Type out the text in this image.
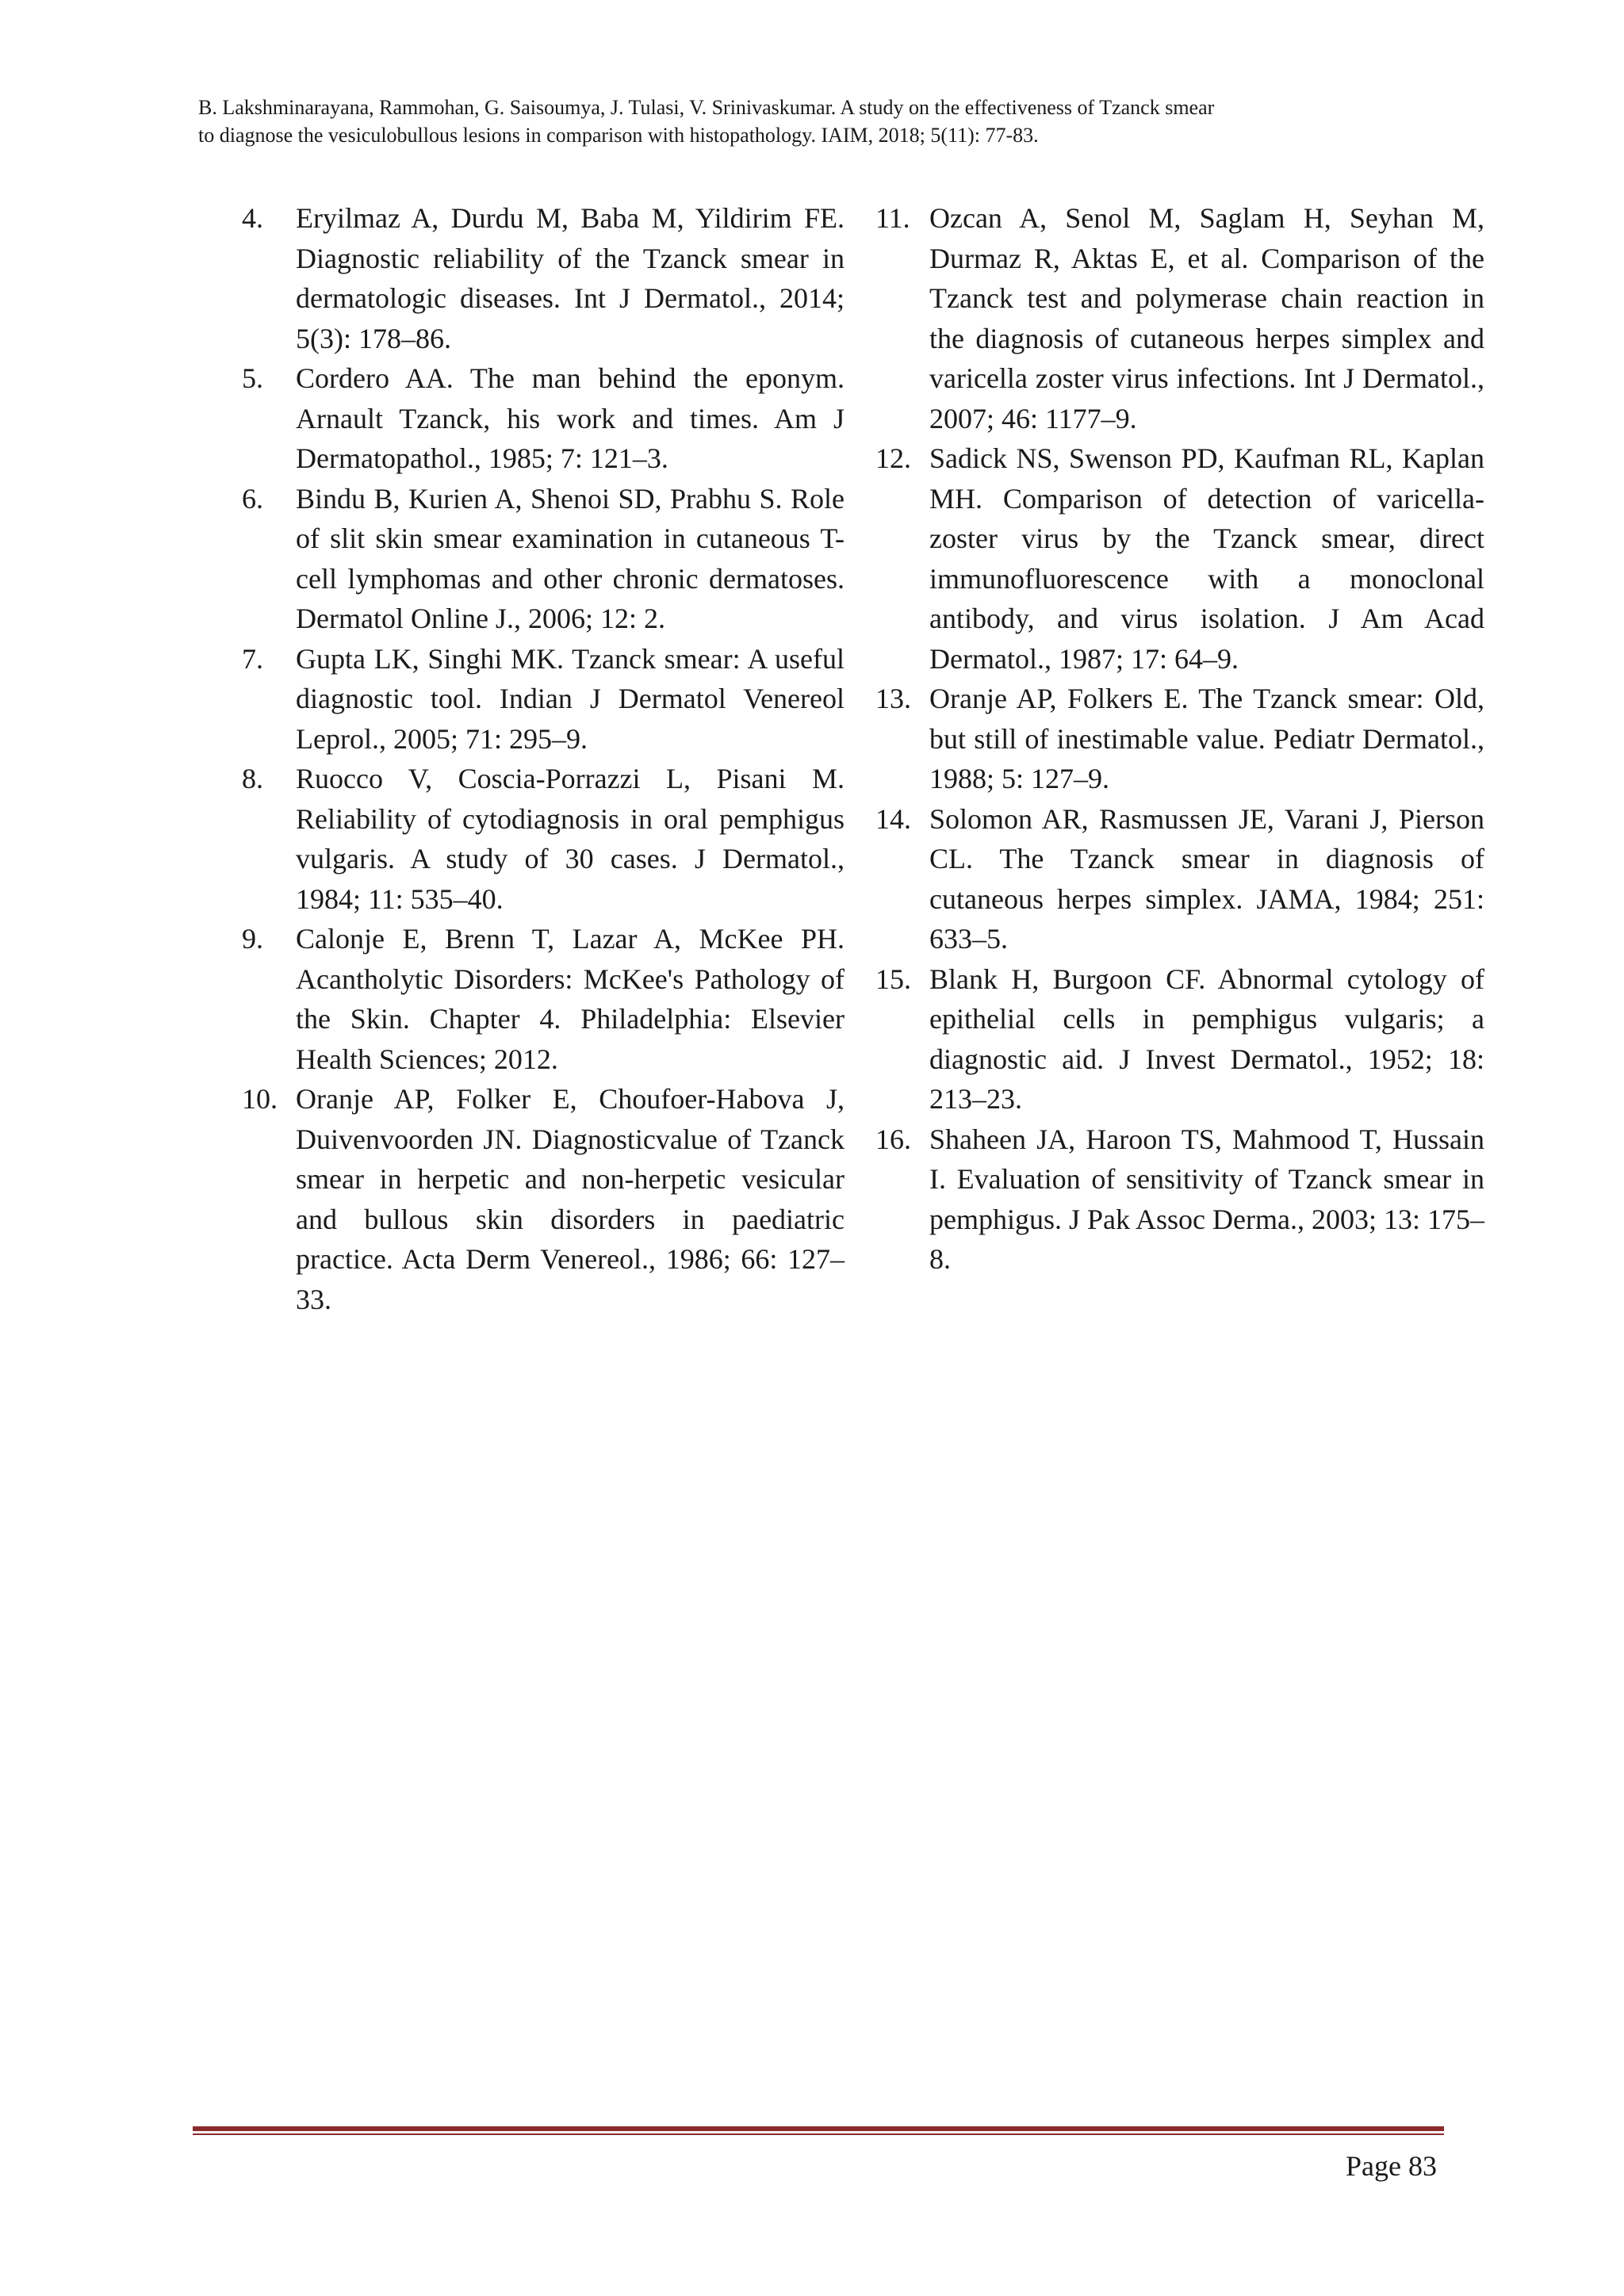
B. Lakshminarayana, Rammohan, G. Saisoumya, J. Tulasi, V. Srinivaskumar. A study on the effectiveness of Tzanck smear

to diagnose the vesiculobullous lesions in comparison with histopathology. IAIM, 2018; 5(11): 77-83.

4.	Eryilmaz A, Durdu M, Baba M, Yildirim FE. Diagnostic reliability of the Tzanck smear in dermatologic diseases. Int J Dermatol., 2014; 5(3): 178–86.
5.	Cordero AA. The man behind the eponym. Arnault Tzanck, his work and times. Am J Dermatopathol., 1985; 7: 121–3.
6.	Bindu B, Kurien A, Shenoi SD, Prabhu S. Role of slit skin smear examination in cutaneous T-cell lymphomas and other chronic dermatoses. Dermatol Online J., 2006; 12: 2.
7.	Gupta LK, Singhi MK. Tzanck smear: A useful diagnostic tool. Indian J Dermatol Venereol Leprol., 2005; 71: 295–9.
8.	Ruocco V, Coscia-Porrazzi L, Pisani M. Reliability of cytodiagnosis in oral pemphigus vulgaris. A study of 30 cases. J Dermatol., 1984; 11: 535–40.
9.	Calonje E, Brenn T, Lazar A, McKee PH. Acantholytic Disorders: McKee's Pathology of the Skin. Chapter 4. Philadelphia: Elsevier Health Sciences; 2012.
10. Oranje AP, Folker E, Choufoer-Habova J, Duivenvoorden JN. Diagnosticvalue of Tzanck smear in herpetic and non-herpetic vesicular and bullous skin disorders in paediatric practice. Acta Derm Venereol., 1986; 66: 127–33.
11. Ozcan A, Senol M, Saglam H, Seyhan M, Durmaz R, Aktas E, et al. Comparison of the Tzanck test and polymerase chain reaction in the diagnosis of cutaneous herpes simplex and varicella zoster virus infections. Int J Dermatol., 2007; 46: 1177–9.
12. Sadick NS, Swenson PD, Kaufman RL, Kaplan MH. Comparison of detection of varicella-zoster virus by the Tzanck smear, direct immunofluorescence with a monoclonal antibody, and virus isolation. J Am Acad Dermatol., 1987; 17: 64–9.
13. Oranje AP, Folkers E. The Tzanck smear: Old, but still of inestimable value. Pediatr Dermatol., 1988; 5: 127–9.
14. Solomon AR, Rasmussen JE, Varani J, Pierson CL. The Tzanck smear in diagnosis of cutaneous herpes simplex. JAMA, 1984; 251: 633–5.
15. Blank H, Burgoon CF. Abnormal cytology of epithelial cells in pemphigus vulgaris; a diagnostic aid. J Invest Dermatol., 1952; 18: 213–23.
16. Shaheen JA, Haroon TS, Mahmood T, Hussain I. Evaluation of sensitivity of Tzanck smear in pemphigus. J Pak Assoc Derma., 2003; 13: 175–8.
Page 83
